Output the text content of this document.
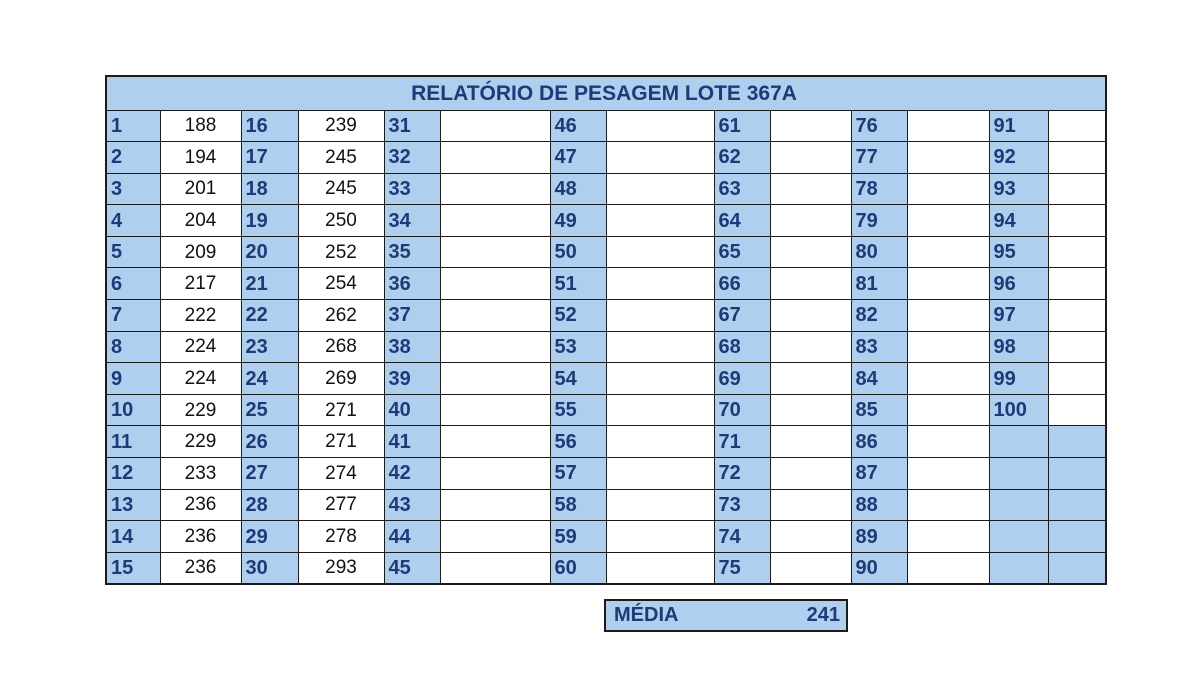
RELATÓRIO DE PESAGEM LOTE 367A													
1	188	16	239	31		46		61		76		91	
2	194	17	245	32		47		62		77		92	
3	201	18	245	33		48		63		78		93	
4	204	19	250	34		49		64		79		94	
5	209	20	252	35		50		65		80		95	
6	217	21	254	36		51		66		81		96	
7	222	22	262	37		52		67		82		97	
8	224	23	268	38		53		68		83		98	
9	224	24	269	39		54		69		84		99	
10	229	25	271	40		55		70		85		100	
11	229	26	271	41		56		71		86			
12	233	27	274	42		57		72		87			
13	236	28	277	43		58		73		88			
14	236	29	278	44		59		74		89			
15	236	30	293	45		60		75		90			
MÉDIA	241
